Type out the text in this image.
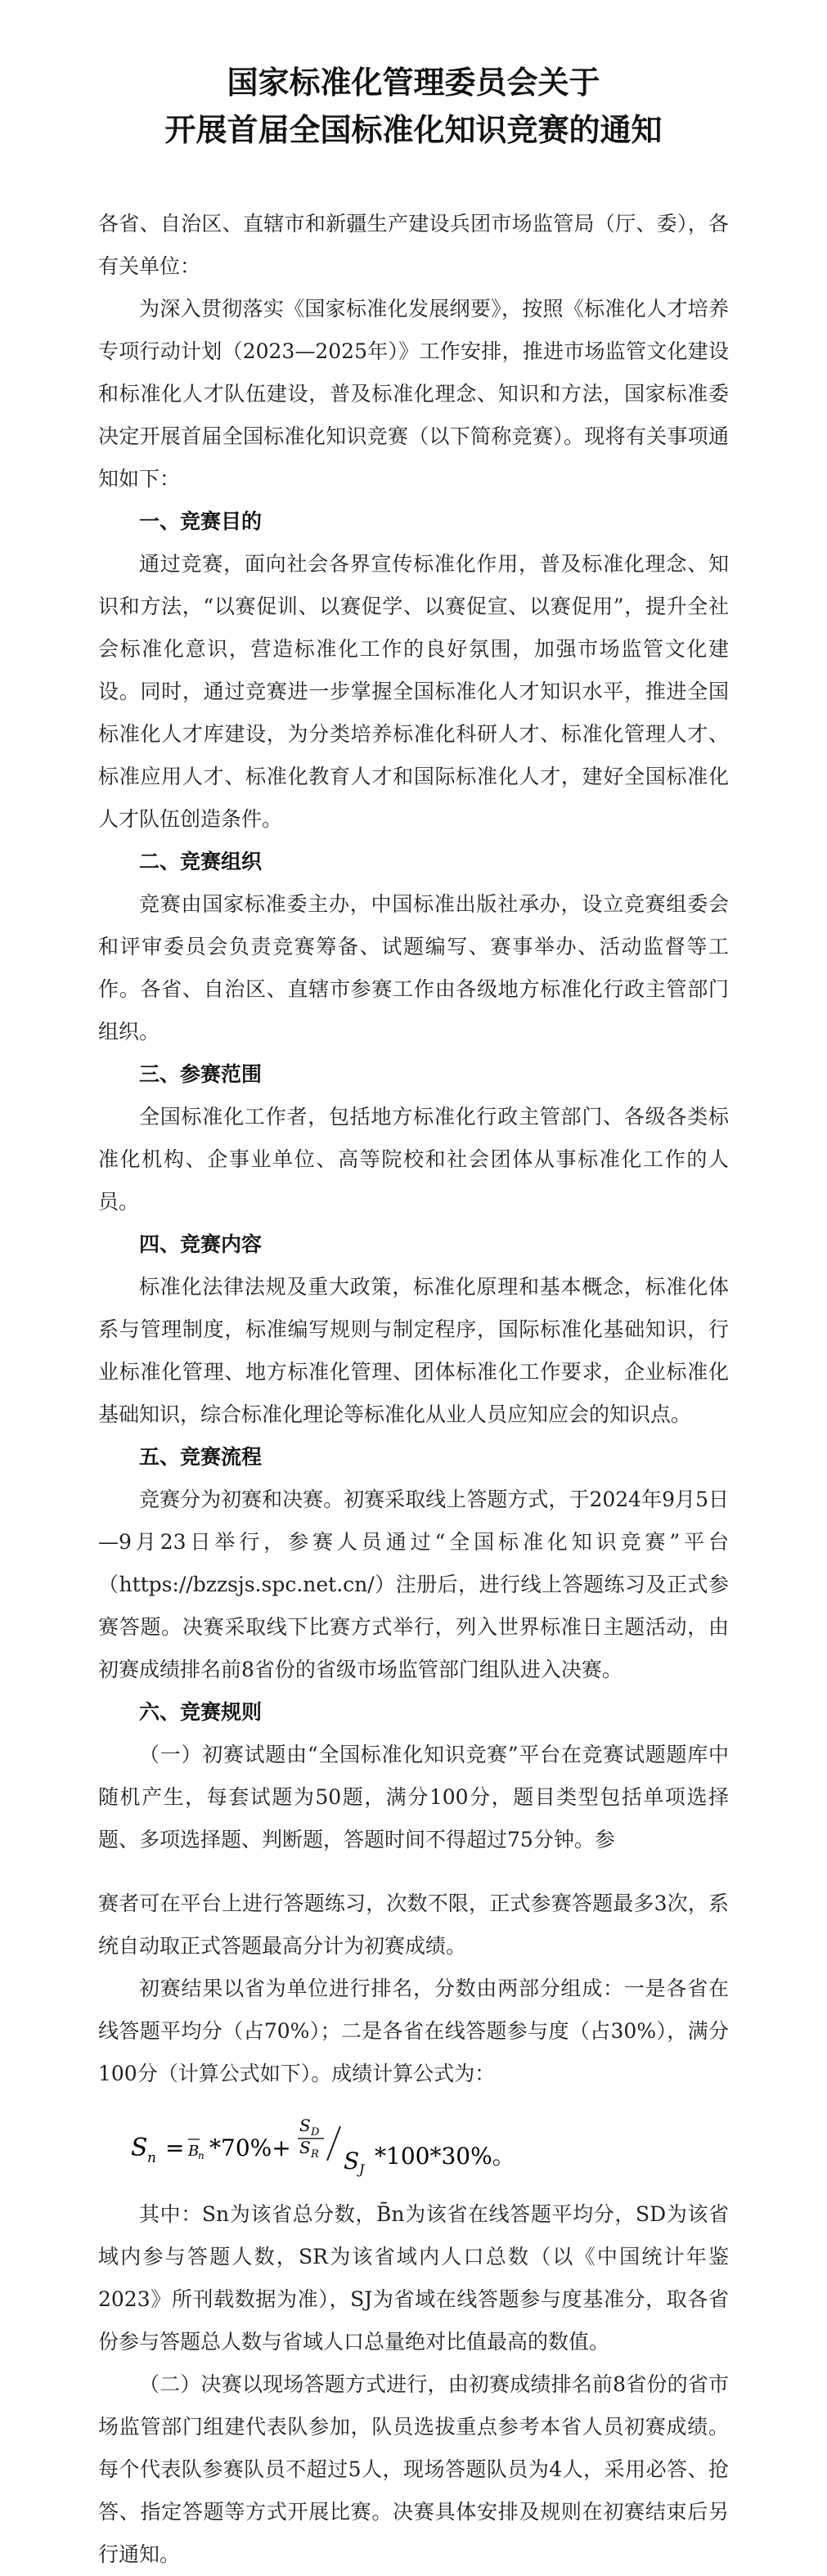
国家标准化管理委员会关于
开展首届全国标准化知识竞赛的通知

各省、自治区、直辖市和新疆生产建设兵团市场监管局（厅、委），各有关单位：

为深入贯彻落实《国家标准化发展纲要》，按照《标准化人才培养专项行动计划（2023—2025年）》工作安排，推进市场监管文化建设和标准化人才队伍建设，普及标准化理念、知识和方法，国家标准委决定开展首届全国标准化知识竞赛（以下简称竞赛）。现将有关事项通知如下：

一、竞赛目的

通过竞赛，面向社会各界宣传标准化作用，普及标准化理念、知识和方法，“以赛促训、以赛促学、以赛促宣、以赛促用”，提升全社会标准化意识，营造标准化工作的良好氛围，加强市场监管文化建设。同时，通过竞赛进一步掌握全国标准化人才知识水平，推进全国标准化人才库建设，为分类培养标准化科研人才、标准化管理人才、标准应用人才、标准化教育人才和国际标准化人才，建好全国标准化人才队伍创造条件。

二、竞赛组织

竞赛由国家标准委主办，中国标准出版社承办，设立竞赛组委会和评审委员会负责竞赛筹备、试题编写、赛事举办、活动监督等工作。各省、自治区、直辖市参赛工作由各级地方标准化行政主管部门组织。

三、参赛范围

全国标准化工作者，包括地方标准化行政主管部门、各级各类标准化机构、企事业单位、高等院校和社会团体从事标准化工作的人员。

四、竞赛内容

标准化法律法规及重大政策，标准化原理和基本概念，标准化体系与管理制度，标准编写规则与制定程序，国际标准化基础知识，行业标准化管理、地方标准化管理、团体标准化工作要求，企业标准化基础知识，综合标准化理论等标准化从业人员应知应会的知识点。

五、竞赛流程

竞赛分为初赛和决赛。初赛采取线上答题方式，于2024年9月5日—9月23日举行，参赛人员通过“全国标准化知识竞赛”平台（https://bzzsjs.spc.net.cn/）注册后，进行线上答题练习及正式参赛答题。决赛采取线下比赛方式举行，列入世界标准日主题活动，由初赛成绩排名前8省份的省级市场监管部门组队进入决赛。

六、竞赛规则

（一）初赛试题由“全国标准化知识竞赛”平台在竞赛试题题库中随机产生，每套试题为50题，满分100分，题目类型包括单项选择题、多项选择题、判断题，答题时间不得超过75分钟。参

赛者可在平台上进行答题练习，次数不限，正式参赛答题最多3次，系统自动取正式答题最高分计为初赛成绩。

初赛结果以省为单位进行排名，分数由两部分组成：一是各省在线答题平均分（占70%）；二是各省在线答题参与度（占30%），满分100分（计算公式如下）。成绩计算公式为：

S n = B
n *70%+
S D
S R S J *100*30%。

其中：Sn为该省总分数，B̄n为该省在线答题平均分，SD为该省域内参与答题人数，SR为该省域内人口总数（以《中国统计年鉴2023》所刊载数据为准），SJ为省域在线答题参与度基准分，取各省份参与答题总人数与省域人口总量绝对比值最高的数值。

（二）决赛以现场答题方式进行，由初赛成绩排名前8省份的省市场监管部门组建代表队参加，队员选拔重点参考本省人员初赛成绩。每个代表队参赛队员不超过5人，现场答题队员为4人，采用必答、抢答、指定答题等方式开展比赛。决赛具体安排及规则在初赛结束后另行通知。
